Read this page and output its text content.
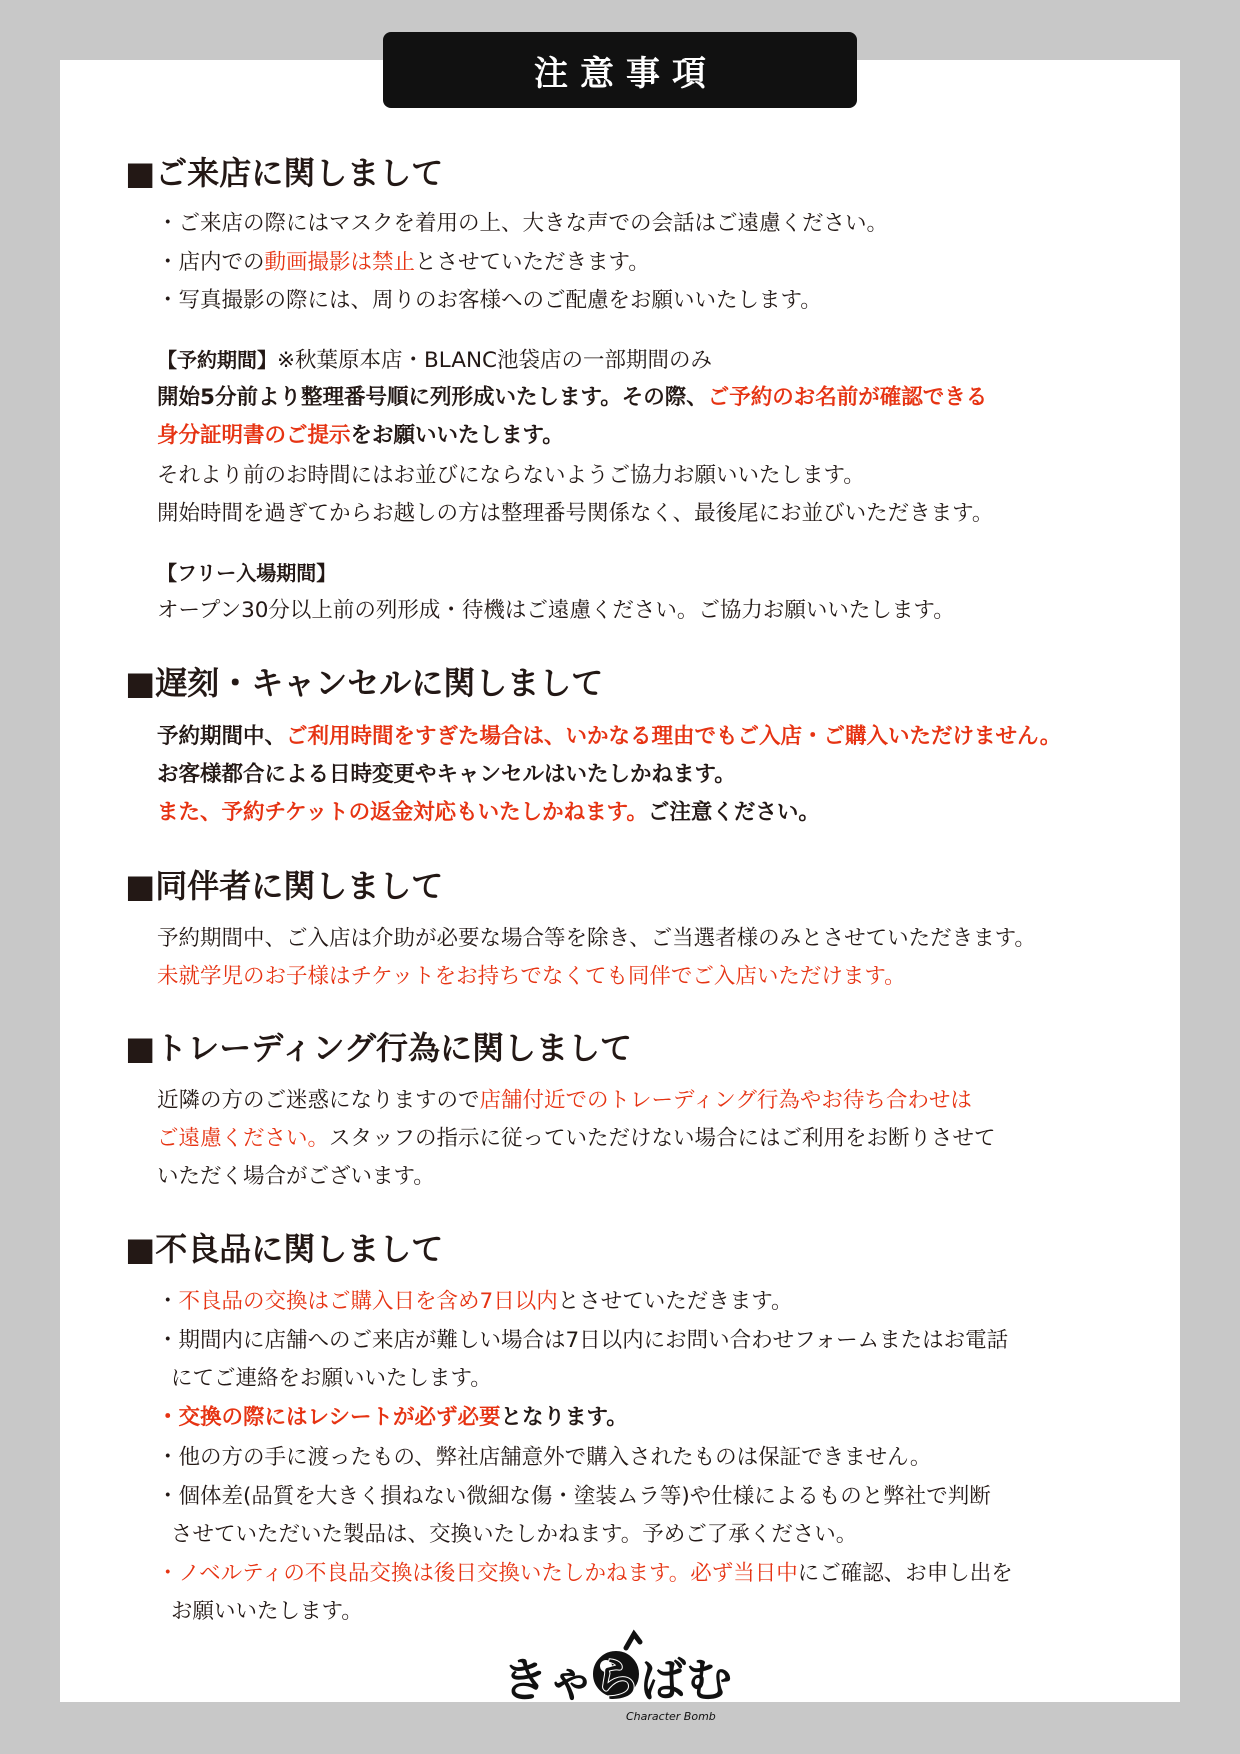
注意事項
■ご来店に関しまして

・ご来店の際にはマスクを着用の上、大きな声での会話はご遠慮ください。

・店内での動画撮影は禁止とさせていただきます。

・写真撮影の際には、周りのお客様へのご配慮をお願いいたします。

【予約期間】※秋葉原本店・BLANC池袋店の一部期間のみ

開始5分前より整理番号順に列形成いたします。その際、ご予約のお名前が確認できる

身分証明書のご提示をお願いいたします。

それより前のお時間にはお並びにならないようご協力お願いいたします。

開始時間を過ぎてからお越しの方は整理番号関係なく、最後尾にお並びいただきます。

【フリー入場期間】

オープン30分以上前の列形成・待機はご遠慮ください。ご協力お願いいたします。

■遅刻・キャンセルに関しまして

予約期間中、ご利用時間をすぎた場合は、いかなる理由でもご入店・ご購入いただけません。

お客様都合による日時変更やキャンセルはいたしかねます。

また、予約チケットの返金対応もいたしかねます。ご注意ください。

■同伴者に関しまして

予約期間中、ご入店は介助が必要な場合等を除き、ご当選者様のみとさせていただきます。

未就学児のお子様はチケットをお持ちでなくても同伴でご入店いただけます。

■トレーディング行為に関しまして

近隣の方のご迷惑になりますので店舗付近でのトレーディング行為やお待ち合わせは

ご遠慮ください。スタッフの指示に従っていただけない場合にはご利用をお断りさせて

いただく場合がございます。

■不良品に関しまして

・不良品の交換はご購入日を含め7日以内とさせていただきます。

・期間内に店舗へのご来店が難しい場合は7日以内にお問い合わせフォームまたはお電話

にてご連絡をお願いいたします。

・交換の際にはレシートが必ず必要となります。

・他の方の手に渡ったもの、弊社店舗意外で購入されたものは保証できません。

・個体差(品質を大きく損ねない微細な傷・塗装ムラ等)や仕様によるものと弊社で判断

させていただいた製品は、交換いたしかねます。予めご了承ください。

・ノベルティの不良品交換は後日交換いたしかねます。必ず当日中にご確認、お申し出を

お願いいたします。

きゃらばむ
Character Bomb
